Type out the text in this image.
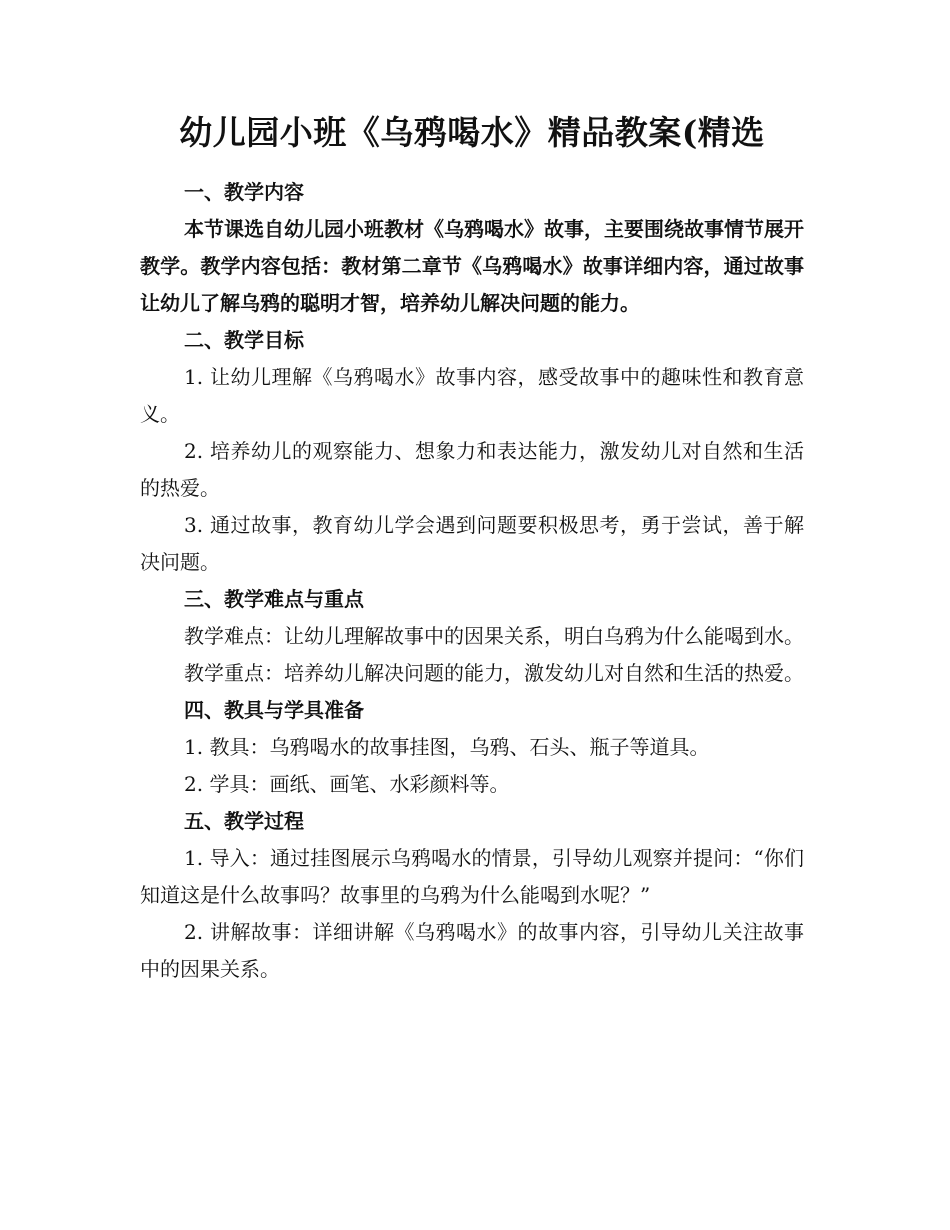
幼儿园小班《乌鸦喝水》精品教案(精选
一、教学内容

本节课选自幼儿园小班教材《乌鸦喝水》故事，主要围绕故事情节展开教学。教学内容包括：教材第二章节《乌鸦喝水》故事详细内容，通过故事让幼儿了解乌鸦的聪明才智，培养幼儿解决问题的能力。

二、教学目标

1. 让幼儿理解《乌鸦喝水》故事内容，感受故事中的趣味性和教育意义。

2. 培养幼儿的观察能力、想象力和表达能力，激发幼儿对自然和生活的热爱。

3. 通过故事，教育幼儿学会遇到问题要积极思考，勇于尝试，善于解决问题。

三、教学难点与重点

教学难点：让幼儿理解故事中的因果关系，明白乌鸦为什么能喝到水。

教学重点：培养幼儿解决问题的能力，激发幼儿对自然和生活的热爱。

四、教具与学具准备

1. 教具：乌鸦喝水的故事挂图，乌鸦、石头、瓶子等道具。

2. 学具：画纸、画笔、水彩颜料等。

五、教学过程

1. 导入：通过挂图展示乌鸦喝水的情景，引导幼儿观察并提问：“你们知道这是什么故事吗？故事里的乌鸦为什么能喝到水呢？”

2. 讲解故事：详细讲解《乌鸦喝水》的故事内容，引导幼儿关注故事中的因果关系。
